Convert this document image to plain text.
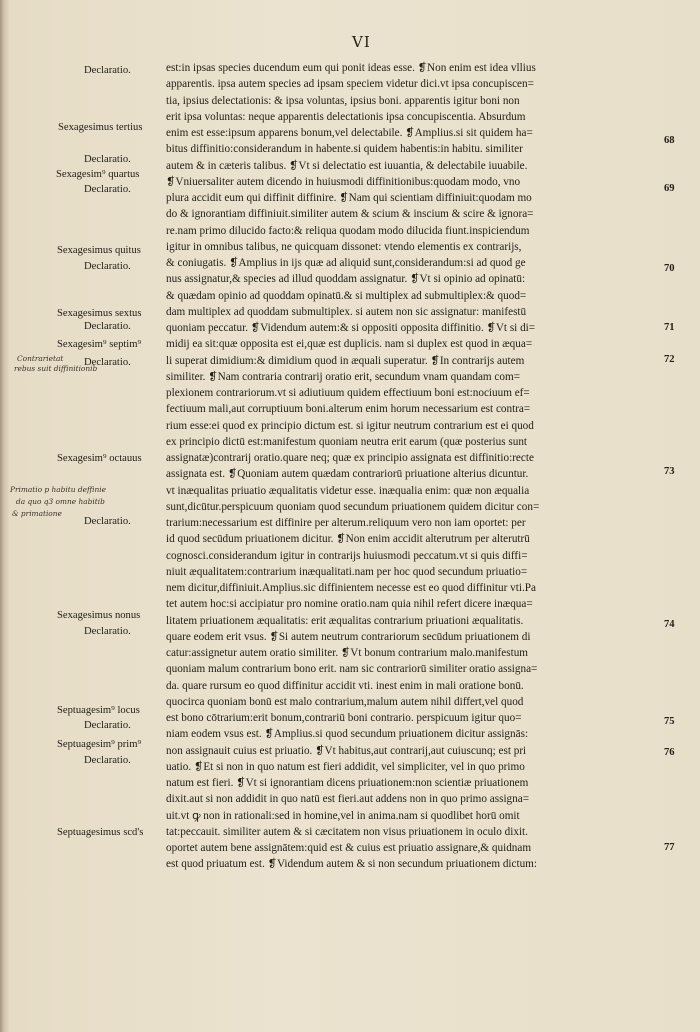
VI
est:in ipsas species ducendum eum qui ponit ideas esse. ❡Non enim est idea vllius
apparentis. ipsa autem species ad ipsam speciem videtur dici.vt ipsa concupiscen=
tia, ipsius delectationis: & ipsa voluntas, ipsius boni. apparentis igitur boni non
erit ipsa voluntas: neque apparentis delectationis ipsa concupiscentia. Absurdum
enim est esse:ipsum apparens bonum,vel delectabile. ❡Amplius.si sit quidem ha=
bitus diffinitio:considerandum in habente.si quidem habentis:in habitu. similiter
autem & in cæteris talibus. ❡Vt si delectatio est iuuantia, & delectabile iuuabile.
❡Vniuersaliter autem dicendo in huiusmodi diffinitionibus:quodam modo, vno
plura accidit eum qui diffinit diffinire. ❡Nam qui scientiam diffiniuit:quodam mo
do & ignorantiam diffiniuit.similiter autem & scium & inscium & scire & ignora=
re.nam primo dilucido facto:& reliqua quodam modo dilucida fiunt.inspiciendum
igitur in omnibus talibus, ne quicquam dissonet: vtendo elementis ex contrarijs,
& coniugatis. ❡Amplius in ijs quæ ad aliquid sunt,considerandum:si ad quod ge
nus assignatur,& species ad illud quoddam assignatur. ❡Vt si opinio ad opinatū:
& quædam opinio ad quoddam opinatū.& si multiplex ad submultiplex:& quod=
dam multiplex ad quoddam submultiplex. si autem non sic assignatur: manifestū
quoniam peccatur. ❡Videndum autem:& si oppositi opposita diffinitio. ❡Vt si di=
midij ea sit:quæ opposita est ei,quæ est duplicis. nam si duplex est quod in æqua=
li superat dimidium:& dimidium quod in æquali superatur. ❡In contrarijs autem
similiter. ❡Nam contraria contrarij oratio erit, secundum vnam quandam com=
plexionem contrariorum.vt si adiutiuum quidem effectiuum boni est:nociuum ef=
fectiuum mali,aut corruptiuum boni.alterum enim horum necessarium est contra=
rium esse:ei quod ex principio dictum est. si igitur neutrum contrarium est ei quod
ex principio dictū est:manifestum quoniam neutra erit earum (quæ posterius sunt
assignatæ)contrarij oratio.quare neq; quæ ex principio assignata est diffinitio:recte
assignata est. ❡Quoniam autem quædam contrariorū priuatione alterius dicuntur.
vt inæqualitas priuatio æqualitatis videtur esse. inæqualia enim: quæ non æqualia
sunt,dicūtur.perspicuum quoniam quod secundum priuationem quidem dicitur con=
trarium:necessarium est diffinire per alterum.reliquum vero non iam oportet: per
id quod secūdum priuationem dicitur. ❡Non enim accidit alterutrum per alterutrū
cognosci.considerandum igitur in contrarijs huiusmodi peccatum.vt si quis diffi=
niuit æqualitatem:contrarium inæqualitati.nam per hoc quod secundum priuatio=
nem dicitur,diffiniuit.Amplius.sic diffinientem necesse est eo quod diffinitur vti.Pa
tet autem hoc:si accipiatur pro nomine oratio.nam quia nihil refert dicere inæqua=
litatem priuationem æqualitatis: erit æqualitas contrarium priuationi æqualitatis.
quare eodem erit vsus. ❡Si autem neutrum contrariorum secūdum priuationem di
catur:assignetur autem oratio similiter. ❡Vt bonum contrarium malo.manifestum
quoniam malum contrarium bono erit. nam sic contrariorū similiter oratio assigna=
da. quare rursum eo quod diffinitur accidit vti. inest enim in mali oratione bonū.
quocirca quoniam bonū est malo contrarium,malum autem nihil differt,vel quod
est bono cōtrarium:erit bonum,contrariū boni contrario. perspicuum igitur quo=
niam eodem vsus est. ❡Amplius.si quod secundum priuationem dicitur assignās:
non assignauit cuius est priuatio. ❡Vt habitus,aut contrarij,aut cuiuscunq; est pri
uatio. ❡Et si non in quo natum est fieri addidit, vel simpliciter, vel in quo primo
natum est fieri. ❡Vt si ignorantiam dicens priuationem:non scientiæ priuationem
dixit.aut si non addidit in quo natū est fieri.aut addens non in quo primo assigna=
uit.vt ꝙ non in rationali:sed in homine,vel in anima.nam si quodlibet horū omit
tat:peccauit. similiter autem & si cæcitatem non visus priuationem in oculo dixit.
oportet autem bene assignātem:quid est & cuius est priuatio assignare,& quidnam
est quod priuatum est. ❡Videndum autem & si non secundum priuationem dictum:
Declaratio.
Sexagesimus tertius
Declaratio.
Sexagesim⁹ quartus
Declaratio.
Sexagesimus quitus
Declaratio.
Sexagesimus sextus
Declaratio.
Sexagesim⁹ septim⁹
Declaratio.
Sexagesim⁹ octauus
Declaratio.
Sexagesimus nonus
Declaratio.
Septuagesim⁹ locus
Declaratio.
Septuagesim⁹ prim⁹
Declaratio.
Septuagesimus scd's
Contrarietat
rebus suit diffinitionib
Primatio p habitu deffinie
da quo q3 omne habitib
& primatione
68
69
70
71
72
73
74
75
76
77
